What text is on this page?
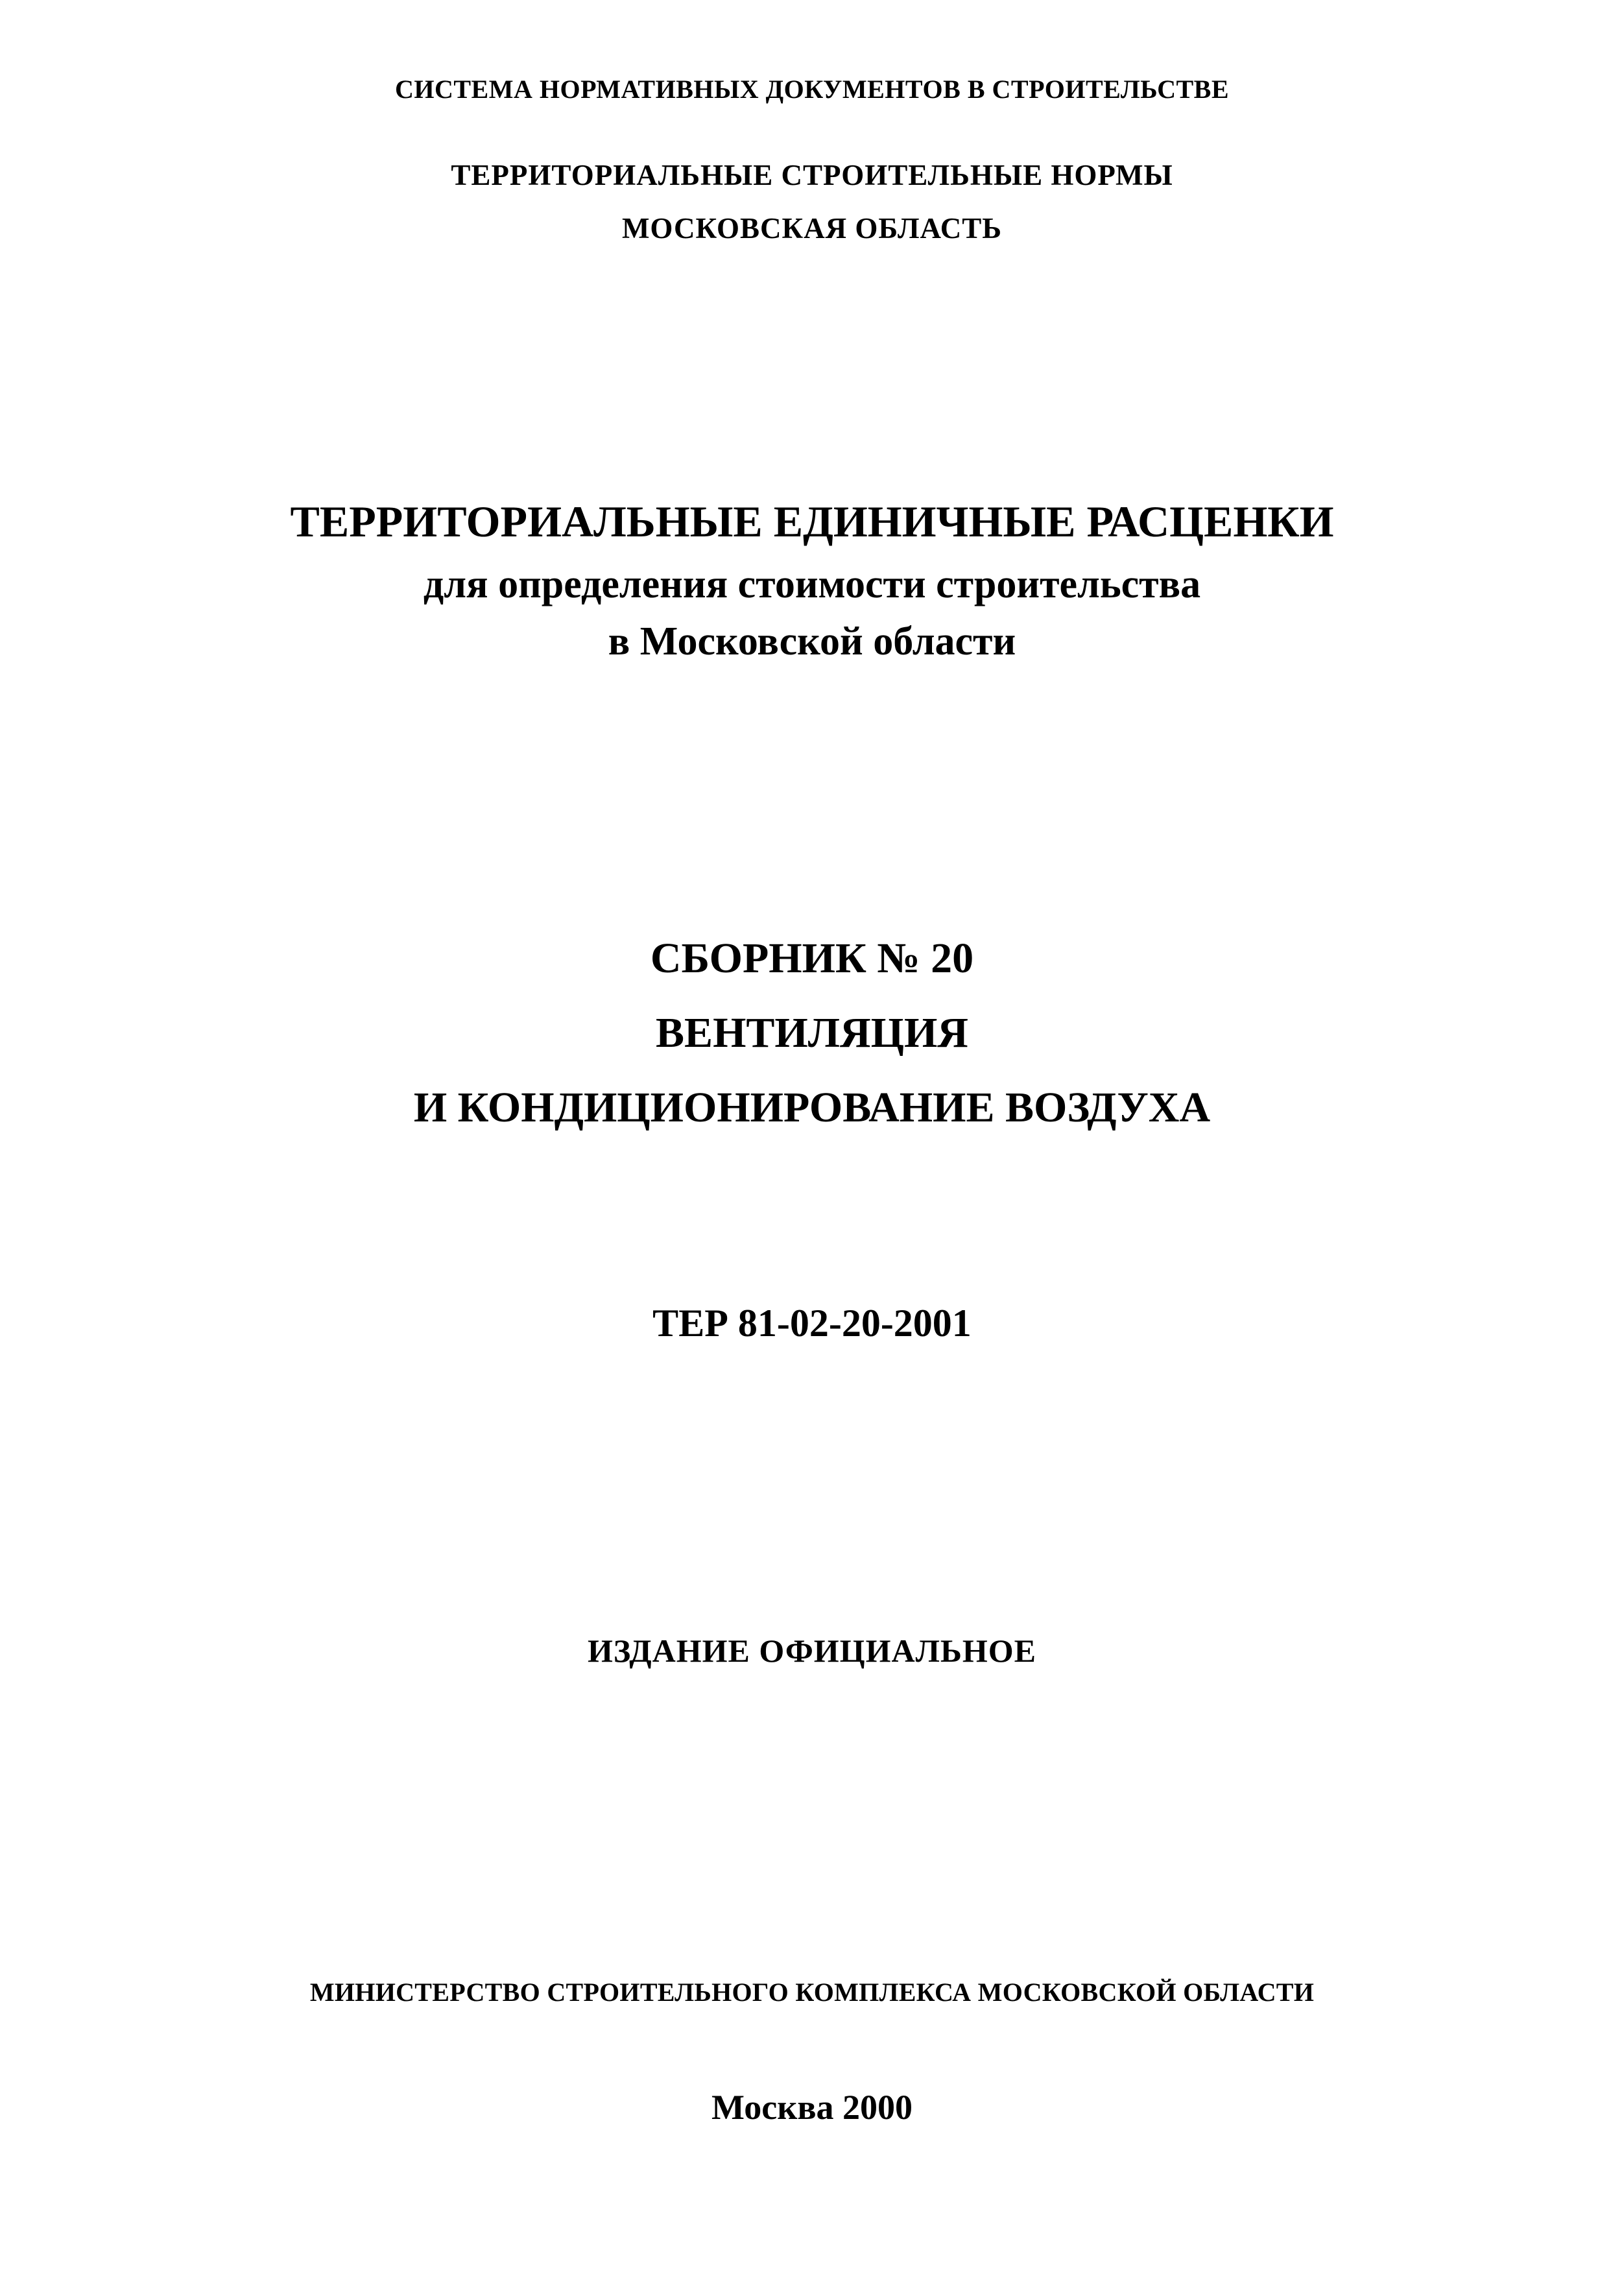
СИСТЕМА НОРМАТИВНЫХ ДОКУМЕНТОВ В СТРОИТЕЛЬСТВЕ
ТЕРРИТОРИАЛЬНЫЕ СТРОИТЕЛЬНЫЕ НОРМЫ
МОСКОВСКАЯ ОБЛАСТЬ
ТЕРРИТОРИАЛЬНЫЕ ЕДИНИЧНЫЕ РАСЦЕНКИ
для определения стоимости строительства
в Московской области
СБОРНИК № 20
ВЕНТИЛЯЦИЯ
И КОНДИЦИОНИРОВАНИЕ ВОЗДУХА
ТЕР 81-02-20-2001
ИЗДАНИЕ ОФИЦИАЛЬНОЕ
МИНИСТЕРСТВО СТРОИТЕЛЬНОГО КОМПЛЕКСА МОСКОВСКОЙ ОБЛАСТИ
Москва 2000
